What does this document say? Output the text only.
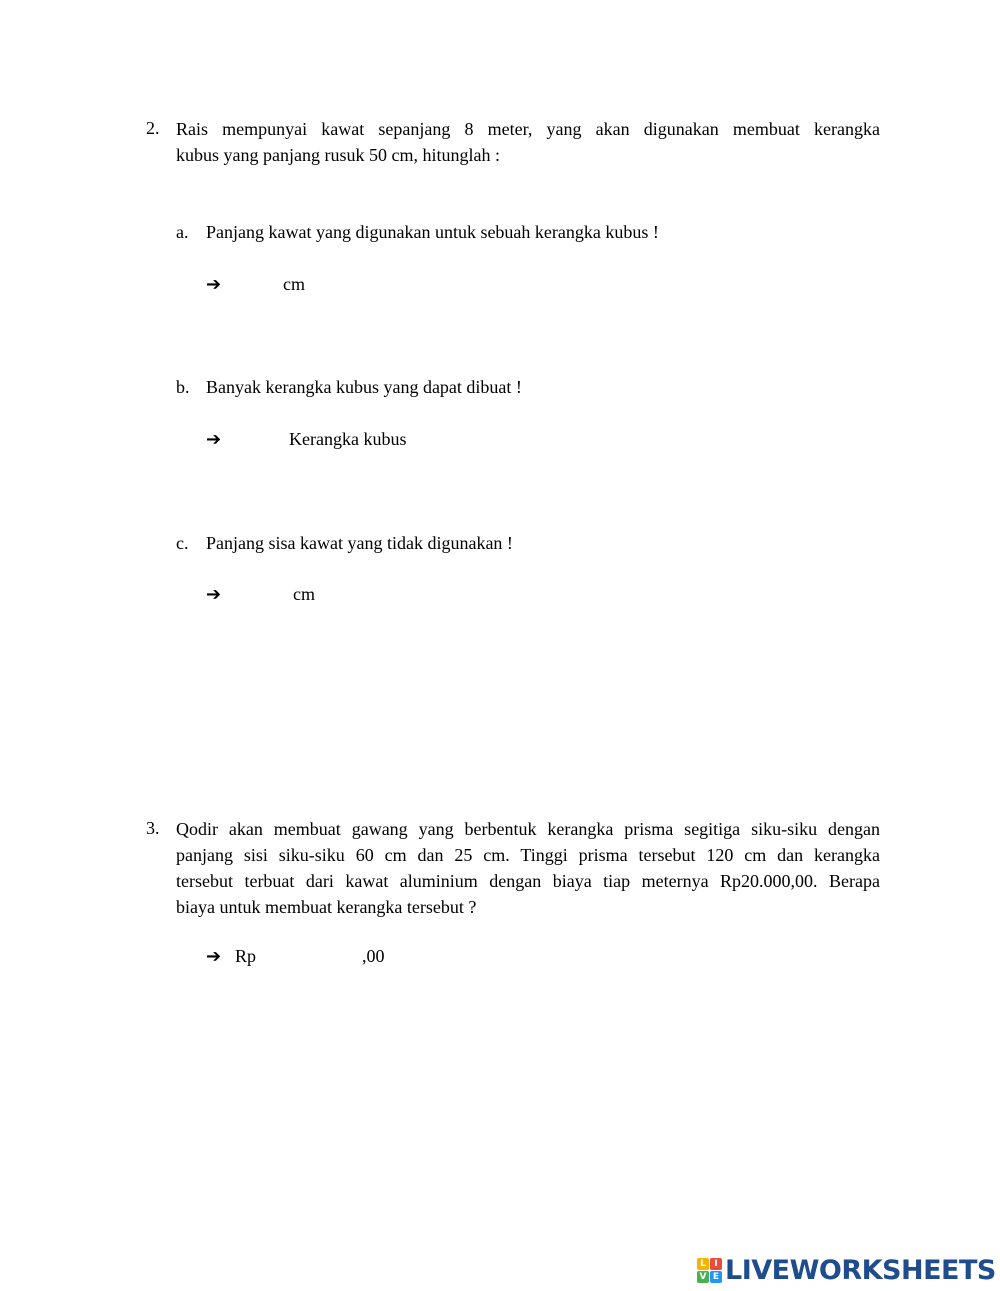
2. Rais mempunyai kawat sepanjang 8 meter, yang akan digunakan membuat kerangka
kubus yang panjang rusuk 50 cm, hitunglah :
a. Panjang kawat yang digunakan untuk sebuah kerangka kubus !
➔	cm
b. Banyak kerangka kubus yang dapat dibuat !
➔	Kerangka kubus
c. Panjang sisa kawat yang tidak digunakan !
➔	cm
3. Qodir akan membuat gawang yang berbentuk kerangka prisma segitiga siku-siku dengan
panjang sisi siku-siku 60 cm dan 25 cm. Tinggi prisma tersebut 120 cm dan kerangka
tersebut terbuat dari kawat aluminium dengan biaya tiap meternya Rp20.000,00. Berapa
biaya untuk membuat kerangka tersebut ?
➔ Rp	,00
L I
V E LIVEWORKSHEETS
